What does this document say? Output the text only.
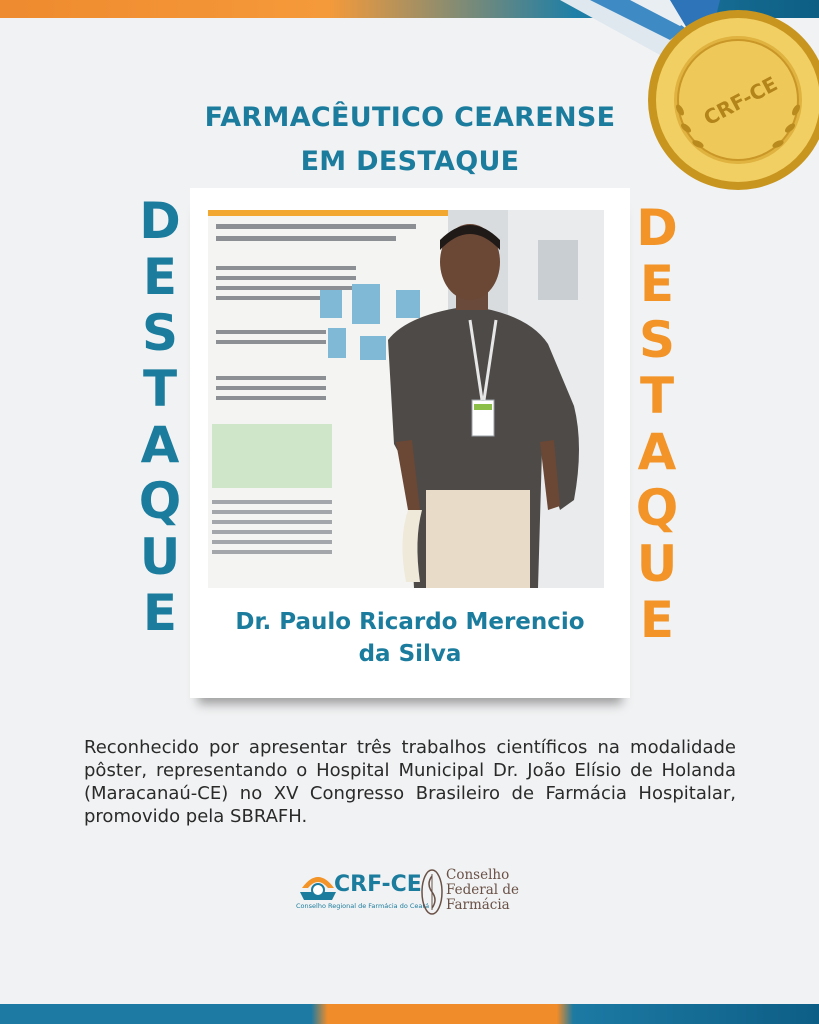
CRF-CE
FARMACÊUTICO CEARENSE
EM DESTAQUE
D
E
S
T
A
Q
U
E
D
E
S
T
A
Q
U
E
Dr. Paulo Ricardo Merencio
da Silva

Reconhecido por apresentar três trabalhos científicos na modalidade pôster, representando o Hospital Municipal Dr. João Elísio de Holanda (Maracanaú-CE) no XV Congresso Brasileiro de Farmácia Hospitalar, promovido pela SBRAFH.

CRF-CE
Conselho Regional de Farmácia do Ceará
Conselho
Federal de
Farmácia
